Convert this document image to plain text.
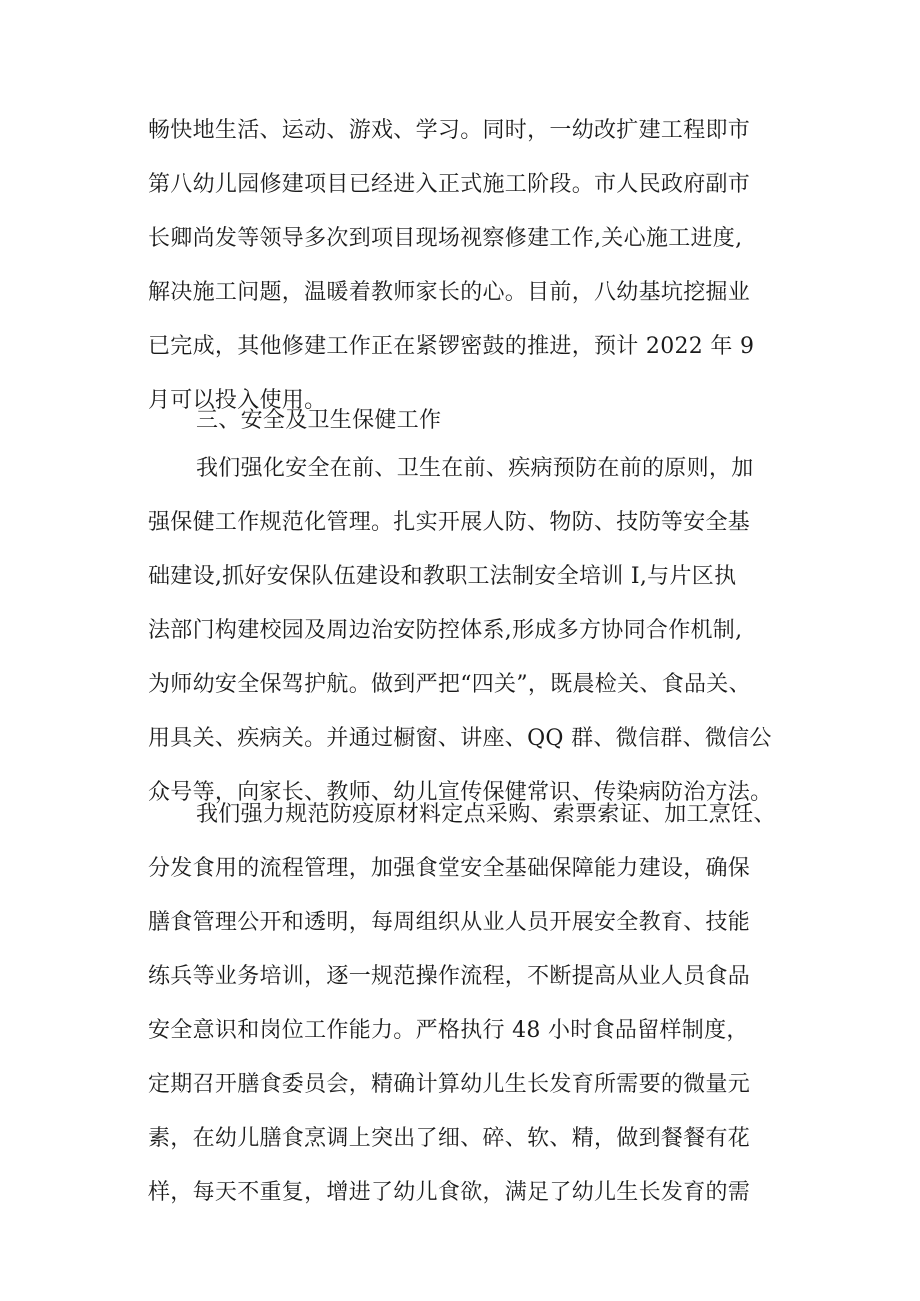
畅快地生活、运动、游戏、学习。同时，一幼改扩建工程即市
第八幼儿园修建项目已经进入正式施工阶段。市人民政府副市
长卿尚发等领导多次到项目现场视察修建工作,关心施工进度,
解决施工问题，温暖着教师家长的心。目前，八幼基坑挖掘业
已完成，其他修建工作正在紧锣密鼓的推进，预计 2022 年 9
月可以投入使用。
三、安全及卫生保健工作
我们强化安全在前、卫生在前、疾病预防在前的原则，加
强保健工作规范化管理。扎实开展人防、物防、技防等安全基
础建设,抓好安保队伍建设和教职工法制安全培训 I,与片区执
法部门构建校园及周边治安防控体系,形成多方协同合作机制,
为师幼安全保驾护航。做到严把“四关”，既晨检关、食品关、
用具关、疾病关。并通过橱窗、讲座、QQ 群、微信群、微信公
众号等，向家长、教师、幼儿宣传保健常识、传染病防治方法。
我们强力规范防疫原材料定点采购、索票索证、加工烹饪、
分发食用的流程管理，加强食堂安全基础保障能力建设，确保
膳食管理公开和透明，每周组织从业人员开展安全教育、技能
练兵等业务培训，逐一规范操作流程，不断提高从业人员食品
安全意识和岗位工作能力。严格执行 48 小时食品留样制度，
定期召开膳食委员会，精确计算幼儿生长发育所需要的微量元
素，在幼儿膳食烹调上突出了细、碎、软、精，做到餐餐有花
样，每天不重复，增进了幼儿食欲，满足了幼儿生长发育的需
